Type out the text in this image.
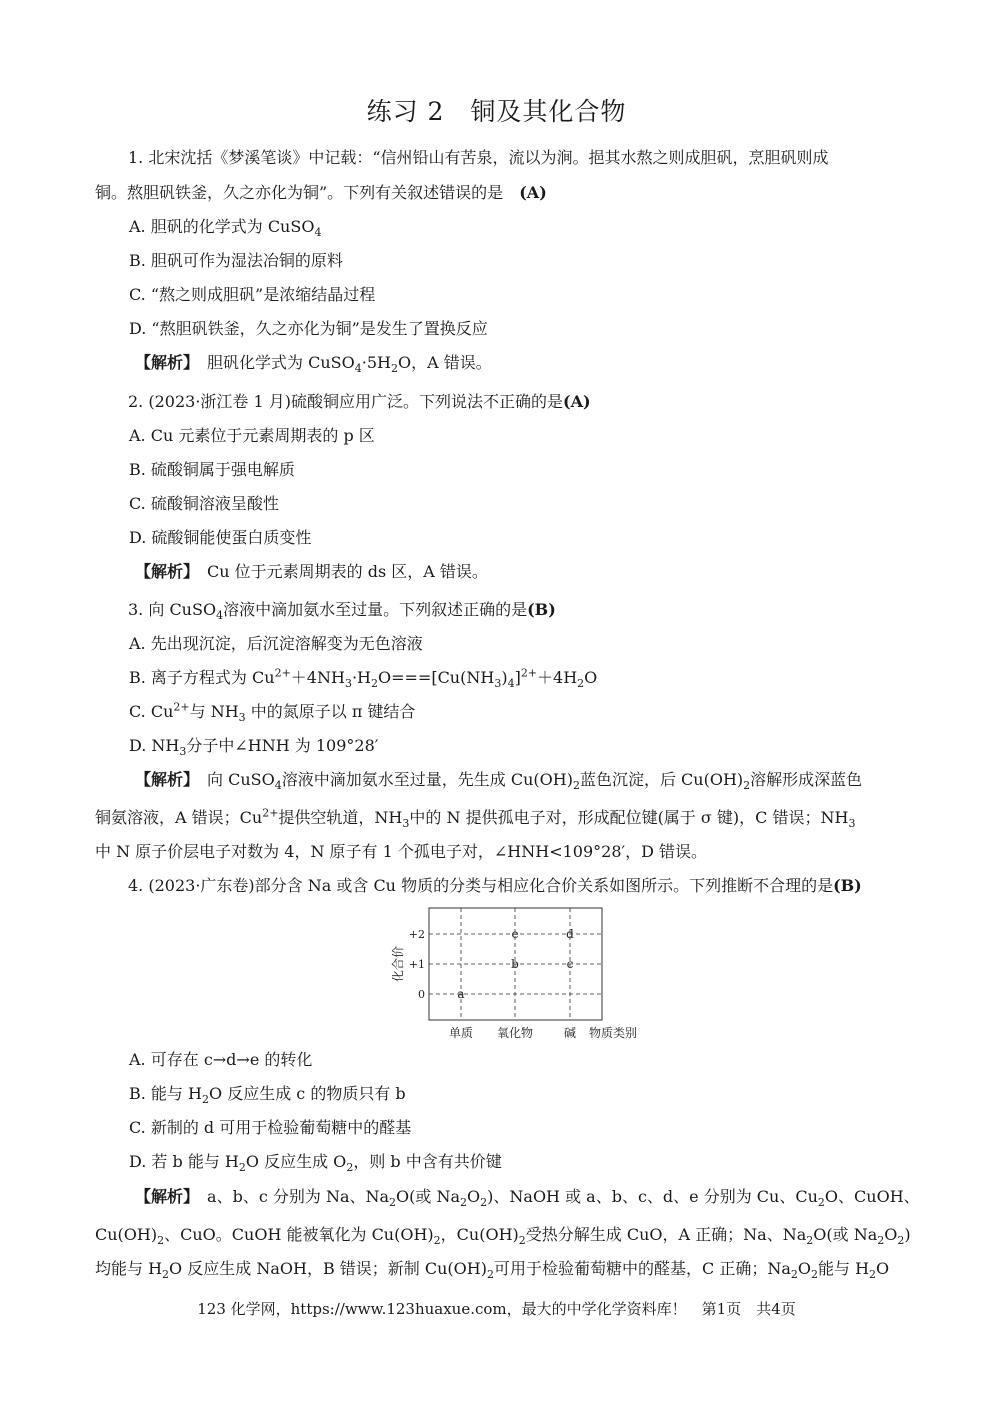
练习 2　铜及其化合物
1. 北宋沈括《梦溪笔谈》中记载：“信州铅山有苦泉，流以为涧。挹其水熬之则成胆矾，烹胆矾则成
铜。熬胆矾铁釜，久之亦化为铜”。下列有关叙述错误的是　 (A)
A. 胆矾的化学式为 CuSO$_4$
B. 胆矾可作为湿法冶铜的原料
C. “熬之则成胆矾”是浓缩结晶过程
D. “熬胆矾铁釜，久之亦化为铜”是发生了置换反应
【解析】　 胆矾化学式为 $CuSO_4\cdot 5H_2O$，A 错误。
2. (2023·浙江卷 1 月)硫酸铜应用广泛。下列说法不正确的是(A)
A. Cu 元素位于元素周期表的 p 区
B. 硫酸铜属于强电解质
C. 硫酸铜溶液呈酸性
D. 硫酸铜能使蛋白质变性
【解析】　 Cu 位于元素周期表的 ds 区，A 错误。
3. 向 CuSO$_4$溶液中滴加氨水至过量。下列叙述正确的是(B)
A. 先出现沉淀，后沉淀溶解变为无色溶液
B. 离子方程式为 $Cu^{2+}+4NH_3\cdot H_2O===[Cu(NH_3)_4]^{2+}+4H_2O$
C. $Cu^{2+}$与 $NH_3$ 中的氮原子以 π 键结合
D. $NH_3$分子中∠HNH 为 109°28′
【解析】　 向 CuSO$_4$溶液中滴加氨水至过量，先生成 $Cu(OH)_2$蓝色沉淀，后 $Cu(OH)_2$溶解形成深蓝色
铜氨溶液，A 错误；$Cu^{2+}$提供空轨道，$NH_3$中的 N 提供孤电子对，形成配位键(属于 σ 键)，C 错误；$NH_3$
中 N 原子价层电子对数为 4，N 原子有 1 个孤电子对，∠HNH<109°28′，D 错误。
4. (2023·广东卷)部分含 Na 或含 Cu 物质的分类与相应化合价关系如图所示。下列推断不合理的是(B)
化合价
+2
+1
0
单质 氧化物	碱 物质类别
a
b	c
e	d
A. 可存在 c→d→e 的转化
B. 能与 $H_2O$ 反应生成 c 的物质只有 b
C. 新制的 d 可用于检验葡萄糖中的醛基
D. 若 b 能与 $H_2O$ 反应生成 $O_2$，则 b 中含有共价键
【解析】　 a、b、c 分别为 Na、$Na_2O$(或 $Na_2O_2$)、NaOH 或 a、b、c、d、e 分别为 Cu、$Cu_2O$、CuOH、
$Cu(OH)_2$、CuO。CuOH 能被氧化为 $Cu(OH)_2$，$Cu(OH)_2$受热分解生成 CuO，A 正确；Na、$Na_2O$(或 $Na_2O_2$)
均能与 $H_2O$ 反应生成 NaOH，B 错误；新制 $Cu(OH)_2$可用于检验葡萄糖中的醛基，C 正确；$Na_2O_2$能与 $H_2O$
123 化学网，https://www.123huaxue.com，最大的中学化学资料库！　第1页　共4页
